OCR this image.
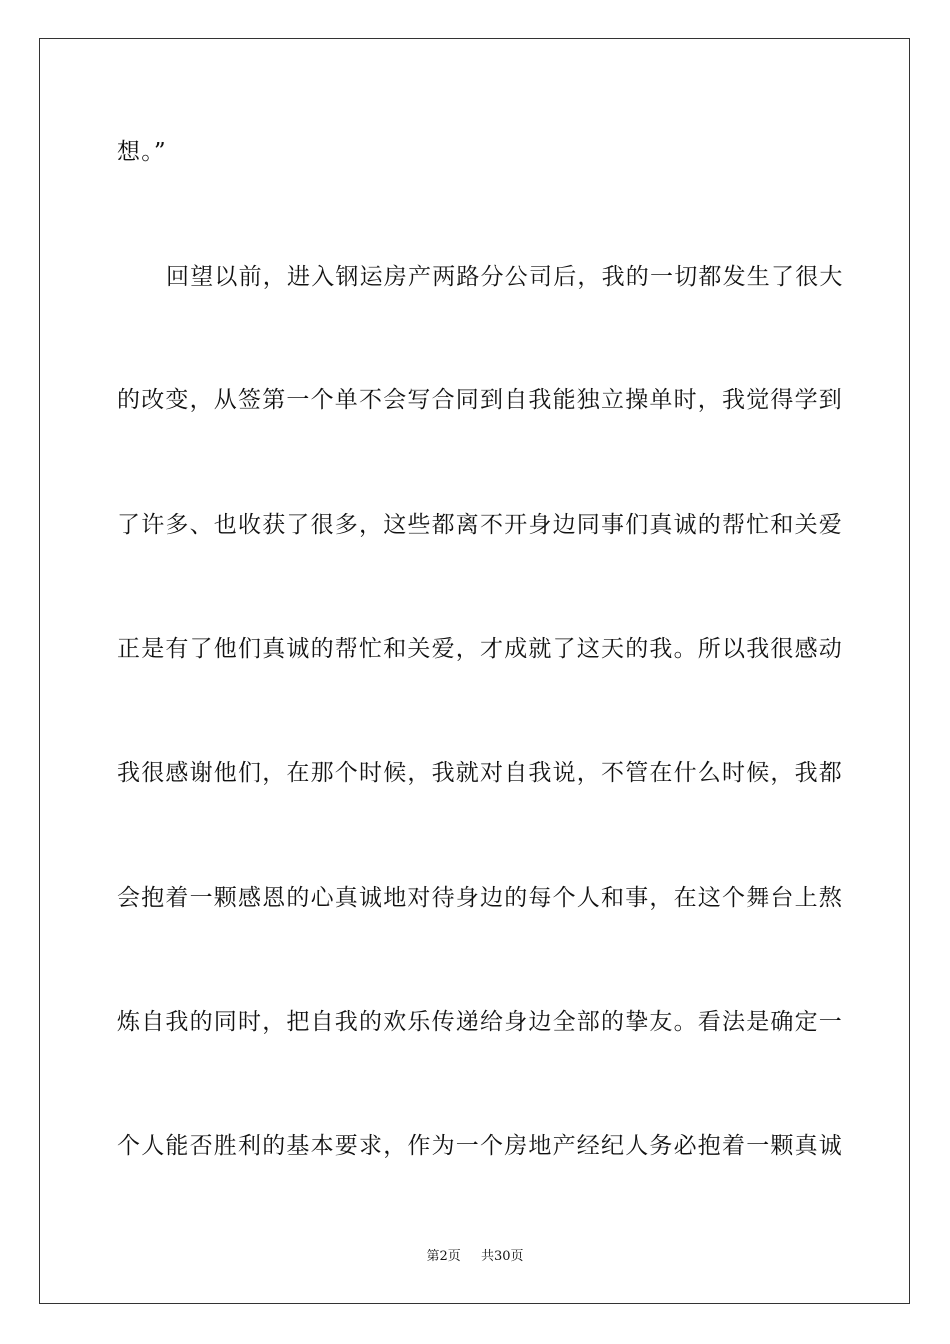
想。”
回望以前，进入钢运房产两路分公司后，我的一切都发生了很大
的改变，从签第一个单不会写合同到自我能独立操单时，我觉得学到
了许多、也收获了很多，这些都离不开身边同事们真诚的帮忙和关爱
正是有了他们真诚的帮忙和关爱，才成就了这天的我。所以我很感动
我很感谢他们，在那个时候，我就对自我说，不管在什么时候，我都
会抱着一颗感恩的心真诚地对待身边的每个人和事，在这个舞台上熬
炼自我的同时，把自我的欢乐传递给身边全部的挚友。看法是确定一
个人能否胜利的基本要求，作为一个房地产经纪人务必抱着一颗真诚
第2页 共30页
